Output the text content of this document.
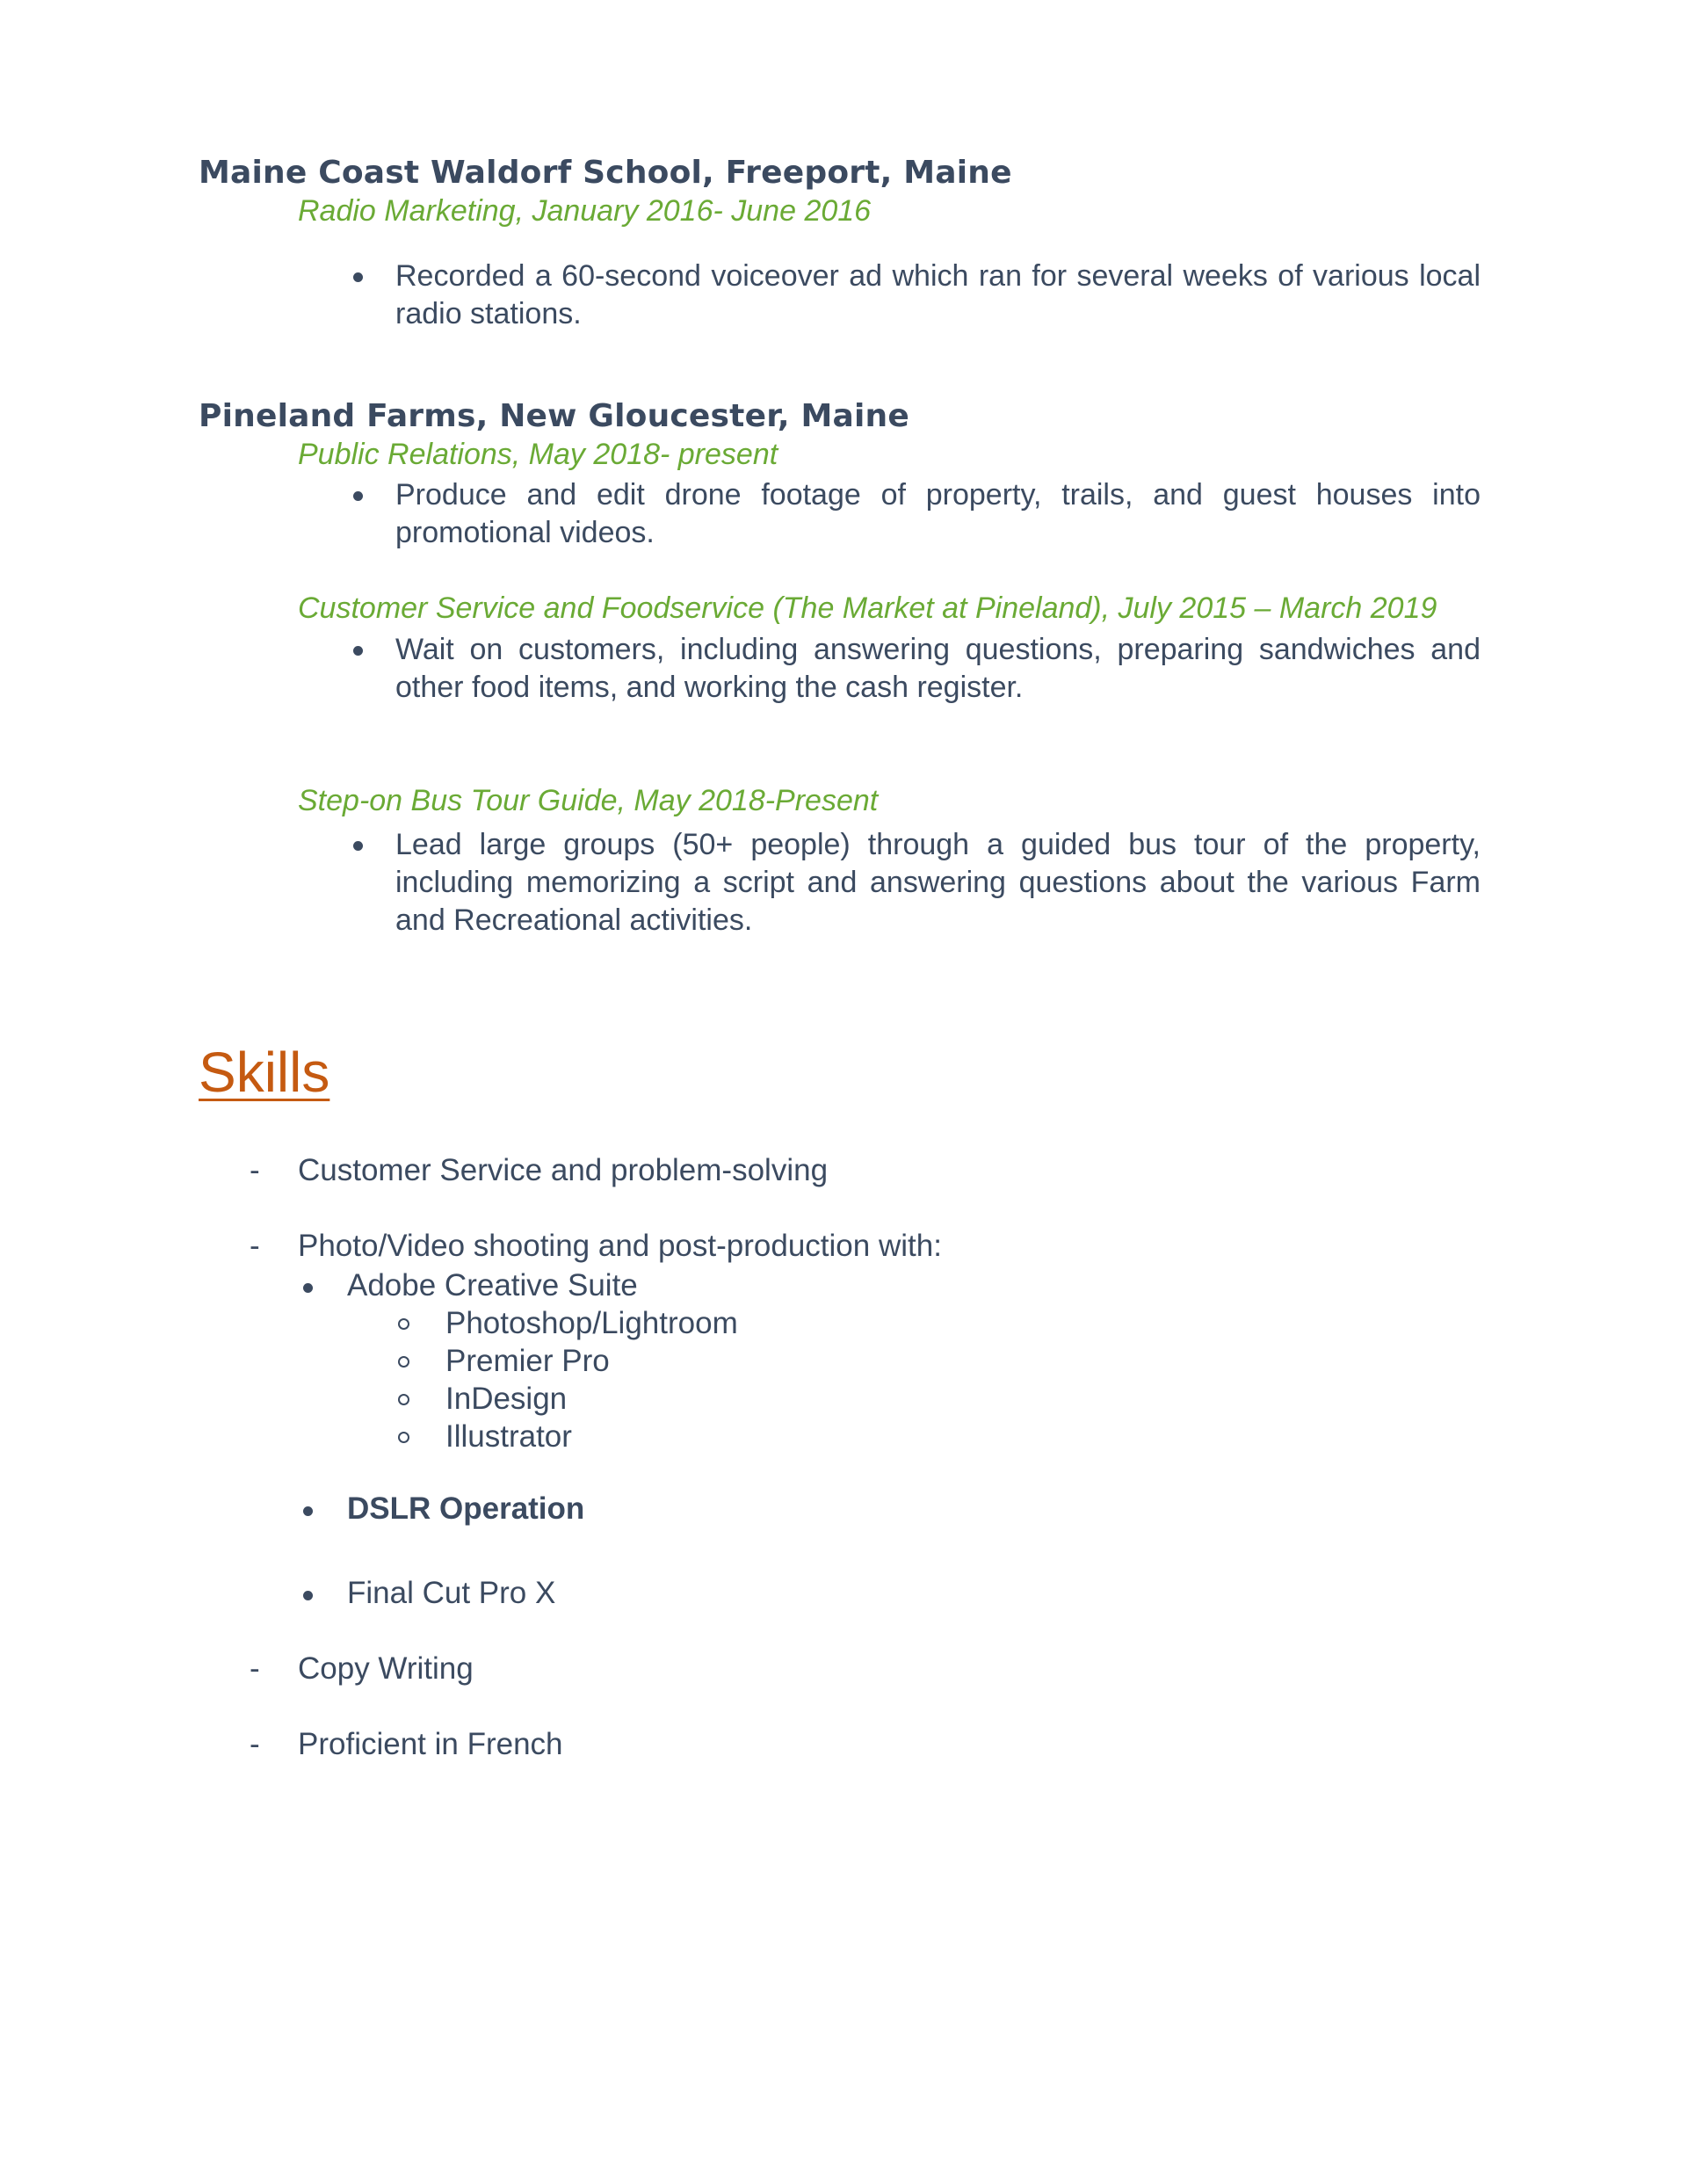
Maine Coast Waldorf School, Freeport, Maine
Radio Marketing, January 2016- June 2016
Recorded a 60-second voiceover ad which ran for several weeks of various local radio stations.
Pineland Farms, New Gloucester, Maine
Public Relations, May 2018- present
Produce and edit drone footage of property, trails, and guest houses into promotional videos.
Customer Service and Foodservice (The Market at Pineland), July 2015 – March 2019
Wait on customers, including answering questions, preparing sandwiches and other food items, and working the cash register.
Step-on Bus Tour Guide, May 2018-Present
Lead large groups (50+ people) through a guided bus tour of the property, including memorizing a script and answering questions about the various Farm and Recreational activities.
Skills
- Customer Service and problem-solving
- Photo/Video shooting and post-production with:
Adobe Creative Suite
Photoshop/Lightroom
Premier Pro
InDesign
Illustrator
DSLR Operation
Final Cut Pro X
- Copy Writing
- Proficient in French
